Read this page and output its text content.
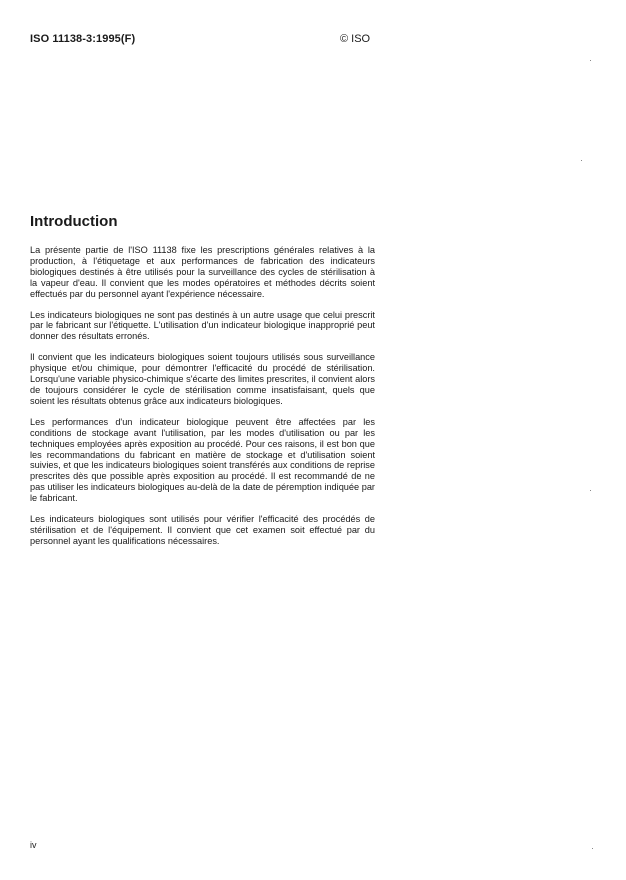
ISO 11138-3:1995(F)	© ISO
Introduction

La présente partie de l'ISO 11138 fixe les prescriptions générales relatives à la production, à l'étiquetage et aux performances de fabrication des indicateurs biologiques destinés à être utilisés pour la surveillance des cycles de stérilisation à la vapeur d'eau. Il convient que les modes opératoires et méthodes décrits soient effectués par du personnel ayant l'expérience nécessaire.

Les indicateurs biologiques ne sont pas destinés à un autre usage que celui prescrit par le fabricant sur l'étiquette. L'utilisation d'un indicateur biologique inapproprié peut donner des résultats erronés.

Il convient que les indicateurs biologiques soient toujours utilisés sous surveillance physique et/ou chimique, pour démontrer l'efficacité du procédé de stérilisation. Lorsqu'une variable physico-chimique s'écarte des limites prescrites, il convient alors de toujours considérer le cycle de stérilisation comme insatisfaisant, quels que soient les résultats obtenus grâce aux indicateurs biologiques.

Les performances d'un indicateur biologique peuvent être affectées par les conditions de stockage avant l'utilisation, par les modes d'utilisation ou par les techniques employées après exposition au procédé. Pour ces raisons, il est bon que les recommandations du fabricant en matière de stockage et d'utilisation soient suivies, et que les indicateurs biologiques soient transférés aux conditions de reprise prescrites dès que possible après exposition au procédé. Il est recommandé de ne pas utiliser les indicateurs biologiques au-delà de la date de péremption indiquée par le fabricant.

Les indicateurs biologiques sont utilisés pour vérifier l'efficacité des procédés de stérilisation et de l'équipement. Il convient que cet examen soit effectué par du personnel ayant les qualifications nécessaires.

iv
